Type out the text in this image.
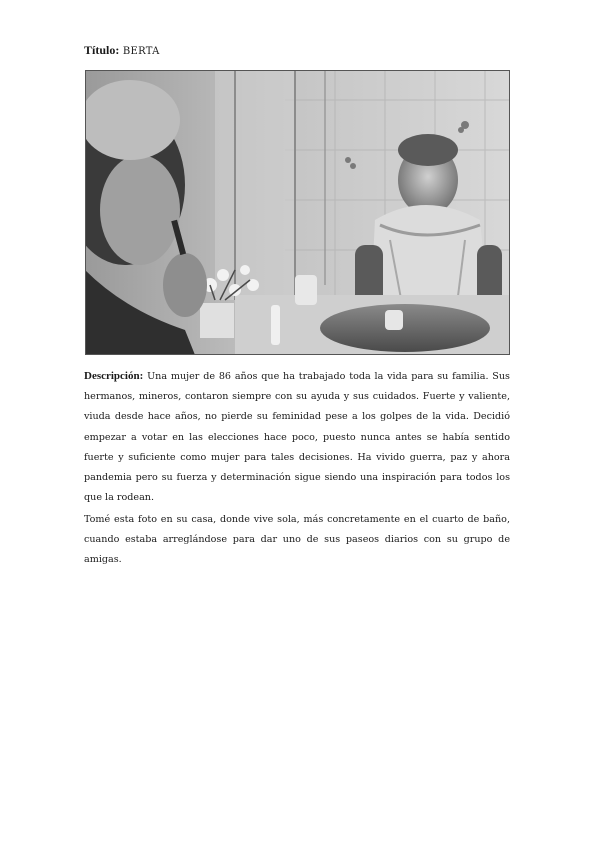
Título: BERTA
Descripción: Una mujer de 86 años que ha trabajado toda la vida para su familia. Sus hermanos, mineros, contaron siempre con su ayuda y sus cuidados. Fuerte y valiente, viuda desde hace años, no pierde su feminidad pese a los golpes de la vida. Decidió empezar a votar en las elecciones hace poco, puesto nunca antes se había sentido fuerte y suficiente como mujer para tales decisiones. Ha vivido guerra, paz y ahora pandemia pero su fuerza y determinación sigue siendo una inspiración para todos los que la rodean.
Tomé esta foto en su casa, donde vive sola, más concretamente en el cuarto de baño, cuando estaba arreglándose para dar uno de sus paseos diarios con su grupo de amigas.
